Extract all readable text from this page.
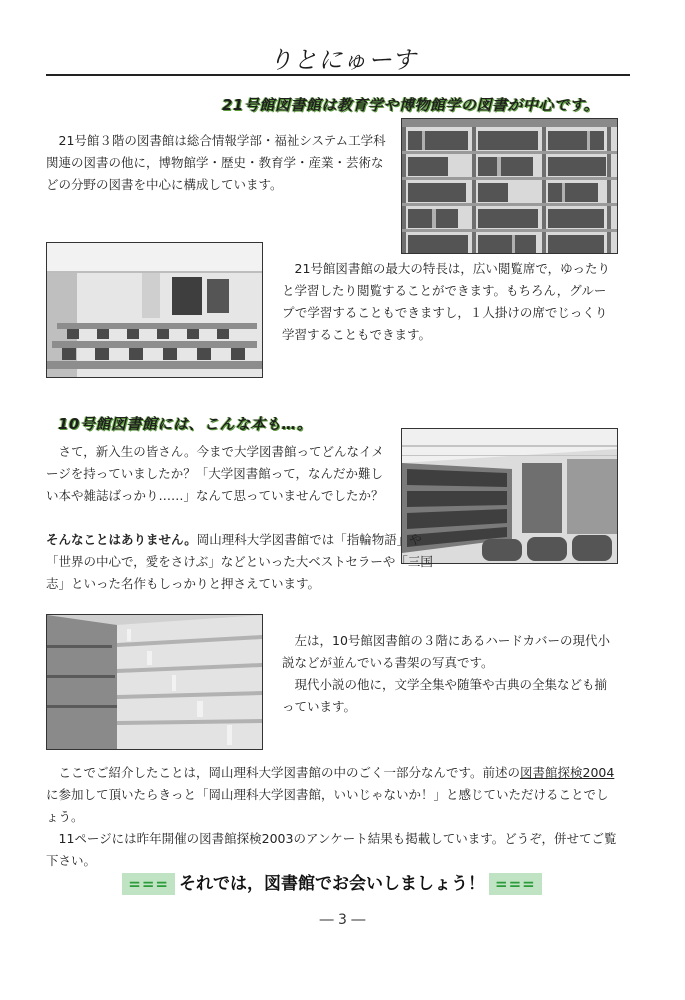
りとにゅーす
21号館図書館は教育学や博物館学の図書が中心です。
21号館３階の図書館は総合情報学部・福祉システム工学科関連の図書の他に，博物館学・歴史・教育学・産業・芸術などの分野の図書を中心に構成しています。
21号館図書館の最大の特長は，広い閲覧席で，ゆったりと学習したり閲覧することができます。もちろん，グループで学習することもできますし，１人掛けの席でじっくり学習することもできます。
10号館図書館には、こんな本も…。
さて，新入生の皆さん。今まで大学図書館ってどんなイメージを持っていましたか？「大学図書館って，なんだか難しい本や雑誌ばっかり……」なんて思っていませんでしたか？
そんなことはありません。岡山理科大学図書館では「指輪物語」や「世界の中心で，愛をさけぶ」などといった大ベストセラーや「三国志」といった名作もしっかりと押さえています。
左は，10号館図書館の３階にあるハードカバーの現代小説などが並んでいる書架の写真です。
現代小説の他に，文学全集や随筆や古典の全集なども揃っています。
ここでご紹介したことは，岡山理科大学図書館の中のごく一部分なんです。前述の図書館探検2004に参加して頂いたらきっと「岡山理科大学図書館，いいじゃないか！」と感じていただけることでしょう。
11ページには昨年開催の図書館探検2003のアンケート結果も掲載しています。どうぞ，併せてご覧下さい。
=== それでは，図書館でお会いしましょう！ ===
― 3 ―
